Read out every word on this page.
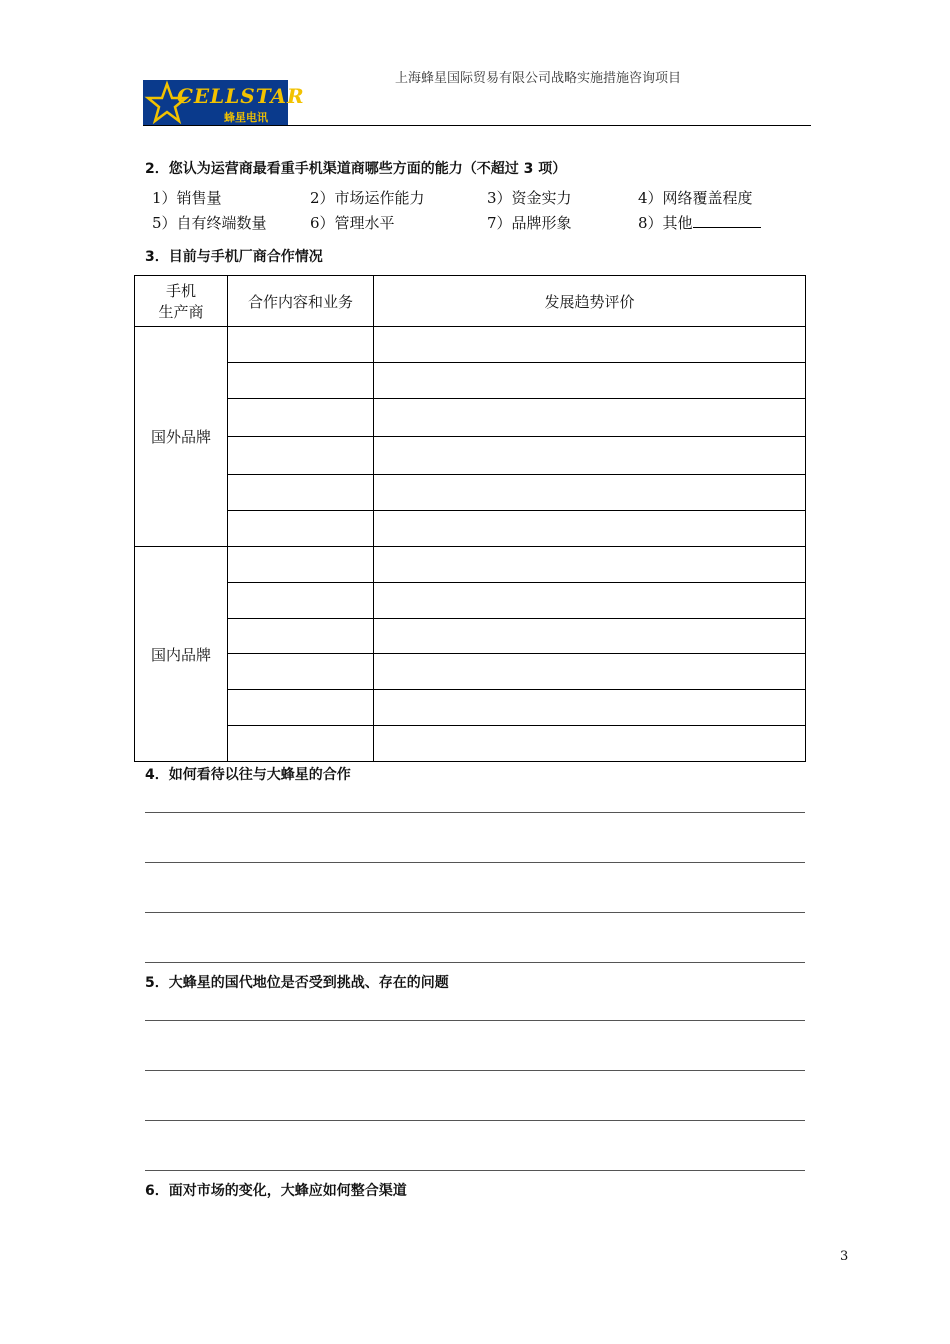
CELLSTAR
蜂星电讯
上海蜂星国际贸易有限公司战略实施措施咨询项目
2．您认为运营商最看重手机渠道商哪些方面的能力（不超过 3 项）
1）销售量	2）市场运作能力	3）资金实力	4）网络覆盖程度
5）自有终端数量	6）管理水平	7）品牌形象	8）其他
3．目前与手机厂商合作情况
手机
生产商	合作内容和业务	发展趋势评价
国外品牌		

国内品牌		

4．如何看待以往与大蜂星的合作
5．大蜂星的国代地位是否受到挑战、存在的问题
6．面对市场的变化，大蜂应如何整合渠道
3
